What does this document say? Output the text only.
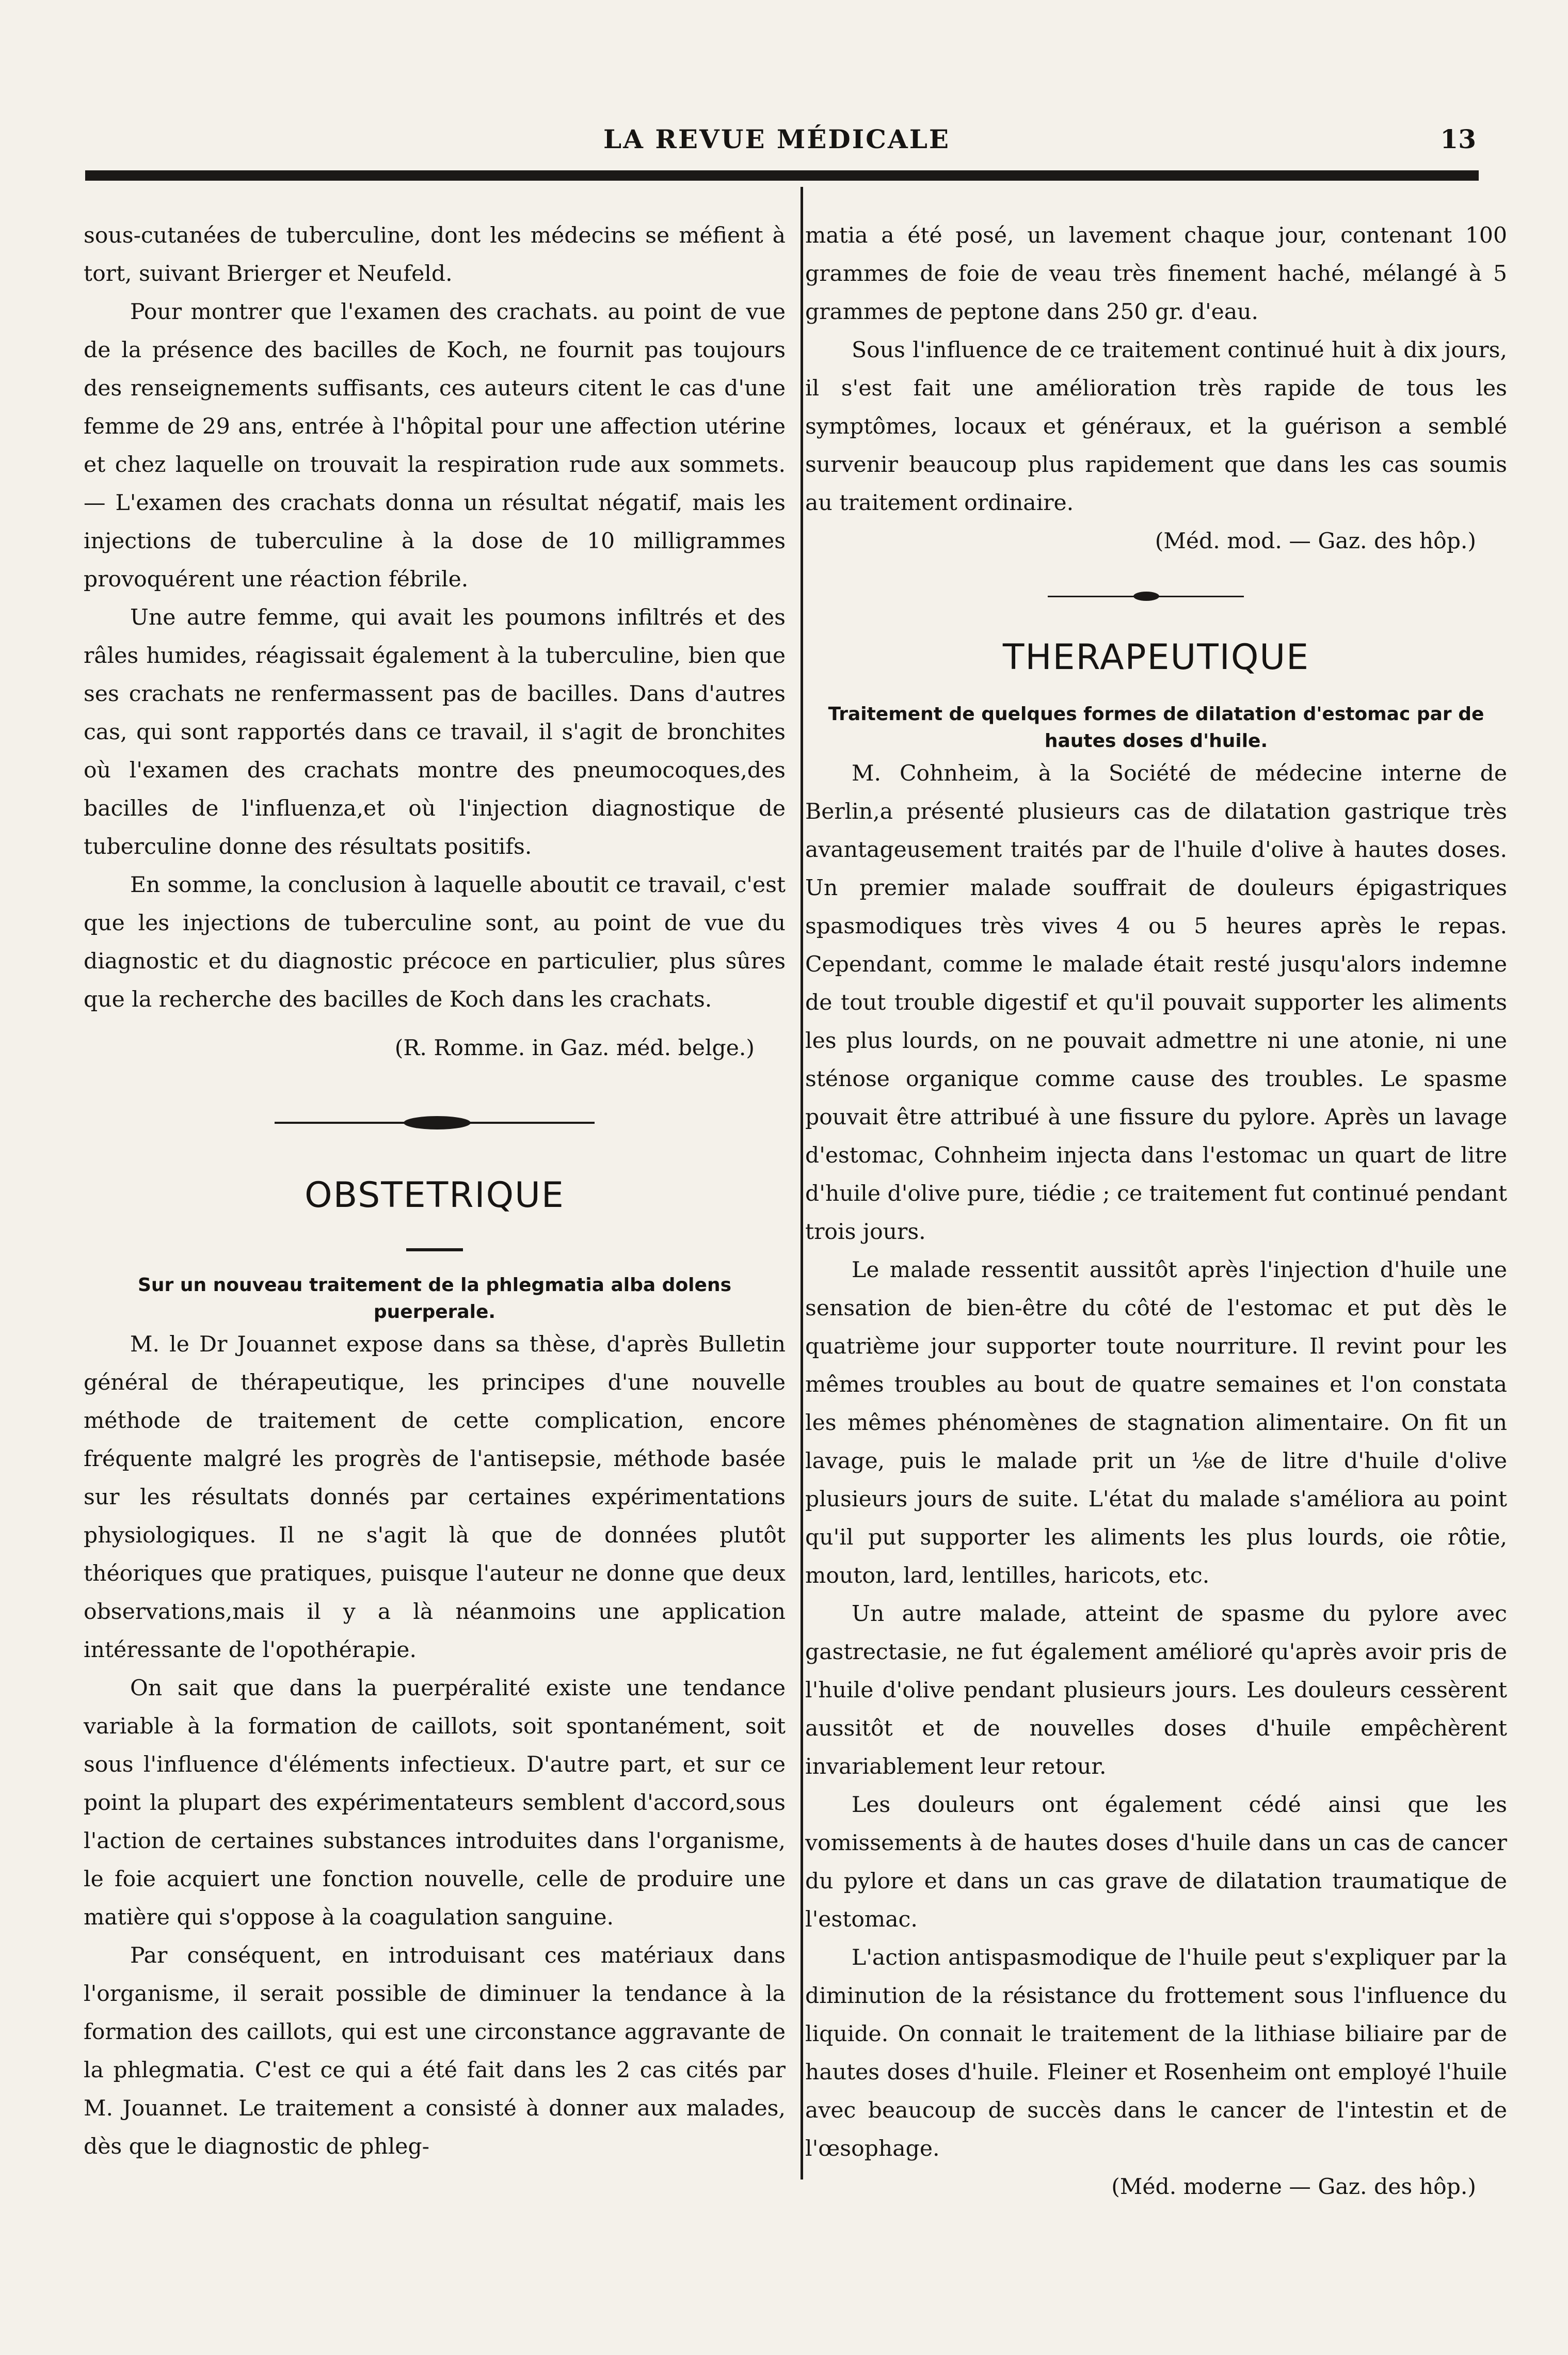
LA REVUE MÉDICALE	13

sous-cutanées de tuberculine, dont les médecins se méfient à tort, suivant Brierger et Neufeld.

Pour montrer que l'examen des crachats. au point de vue de la présence des bacilles de Koch, ne fournit pas toujours des renseignements suffisants, ces auteurs citent le cas d'une femme de 29 ans, entrée à l'hôpital pour une affection utérine et chez laquelle on trouvait la respiration rude aux sommets. — L'examen des crachats donna un résultat négatif, mais les injections de tuberculine à la dose de 10 milligrammes provoquérent une réaction fébrile.

Une autre femme, qui avait les poumons infiltrés et des râles humides, réagissait également à la tuberculine, bien que ses crachats ne renfermassent pas de bacilles. Dans d'autres cas, qui sont rapportés dans ce travail, il s'agit de bronchites où l'examen des crachats montre des pneumocoques,des bacilles de l'influenza,et où l'injection diagnostique de tuberculine donne des résultats positifs.

En somme, la conclusion à laquelle aboutit ce travail, c'est que les injections de tuberculine sont, au point de vue du diagnostic et du diagnostic précoce en particulier, plus sûres que la recherche des bacilles de Koch dans les crachats.

(R. Romme. in Gaz. méd. belge.)

OBSTETRIQUE

Sur un nouveau traitement de la phlegmatia alba dolens puerperale.

M. le Dr Jouannet expose dans sa thèse, d'après Bulletin général de thérapeutique, les principes d'une nouvelle méthode de traitement de cette complication, encore fréquente malgré les progrès de l'antisepsie, méthode basée sur les résultats donnés par certaines expérimentations physiologiques. Il ne s'agit là que de données plutôt théoriques que pratiques, puisque l'auteur ne donne que deux observations,mais il y a là néanmoins une application intéressante de l'opothérapie.

On sait que dans la puerpéralité existe une tendance variable à la formation de caillots, soit spontanément, soit sous l'influence d'éléments infectieux. D'autre part, et sur ce point la plupart des expérimentateurs semblent d'accord,sous l'action de certaines substances introduites dans l'organisme, le foie acquiert une fonction nouvelle, celle de produire une matière qui s'oppose à la coagulation sanguine.

Par conséquent, en introduisant ces matériaux dans l'organisme, il serait possible de diminuer la tendance à la formation des caillots, qui est une circonstance aggravante de la phlegmatia. C'est ce qui a été fait dans les 2 cas cités par M. Jouannet. Le traitement a consisté à donner aux malades, dès que le diagnostic de phleg-

matia a été posé, un lavement chaque jour, contenant 100 grammes de foie de veau très finement haché, mélangé à 5 grammes de peptone dans 250 gr. d'eau.

Sous l'influence de ce traitement continué huit à dix jours, il s'est fait une amélioration très rapide de tous les symptômes, locaux et généraux, et la guérison a semblé survenir beaucoup plus rapidement que dans les cas soumis au traitement ordinaire.

(Méd. mod. — Gaz. des hôp.)

THERAPEUTIQUE

Traitement de quelques formes de dilatation d'estomac par de hautes doses d'huile.

M. Cohnheim, à la Société de médecine interne de Berlin,a présenté plusieurs cas de dilatation gastrique très avantageusement traités par de l'huile d'olive à hautes doses. Un premier malade souffrait de douleurs épigastriques spasmodiques très vives 4 ou 5 heures après le repas. Cependant, comme le malade était resté jusqu'alors indemne de tout trouble digestif et qu'il pouvait supporter les aliments les plus lourds, on ne pouvait admettre ni une atonie, ni une sténose organique comme cause des troubles. Le spasme pouvait être attribué à une fissure du pylore. Après un lavage d'estomac, Cohnheim injecta dans l'estomac un quart de litre d'huile d'olive pure, tiédie ; ce traitement fut continué pendant trois jours.

Le malade ressentit aussitôt après l'injection d'huile une sensation de bien-être du côté de l'estomac et put dès le quatrième jour supporter toute nourriture. Il revint pour les mêmes troubles au bout de quatre semaines et l'on constata les mêmes phénomènes de stagnation alimentaire. On fit un lavage, puis le malade prit un ⅛e de litre d'huile d'olive plusieurs jours de suite. L'état du malade s'améliora au point qu'il put supporter les aliments les plus lourds, oie rôtie, mouton, lard, lentilles, haricots, etc.

Un autre malade, atteint de spasme du pylore avec gastrectasie, ne fut également amélioré qu'après avoir pris de l'huile d'olive pendant plusieurs jours. Les douleurs cessèrent aussitôt et de nouvelles doses d'huile empêchèrent invariablement leur retour.

Les douleurs ont également cédé ainsi que les vomissements à de hautes doses d'huile dans un cas de cancer du pylore et dans un cas grave de dilatation traumatique de l'estomac.

L'action antispasmodique de l'huile peut s'expliquer par la diminution de la résistance du frottement sous l'influence du liquide. On connait le traitement de la lithiase biliaire par de hautes doses d'huile. Fleiner et Rosenheim ont employé l'huile avec beaucoup de succès dans le cancer de l'intestin et de l'œsophage.

(Méd. moderne — Gaz. des hôp.)
